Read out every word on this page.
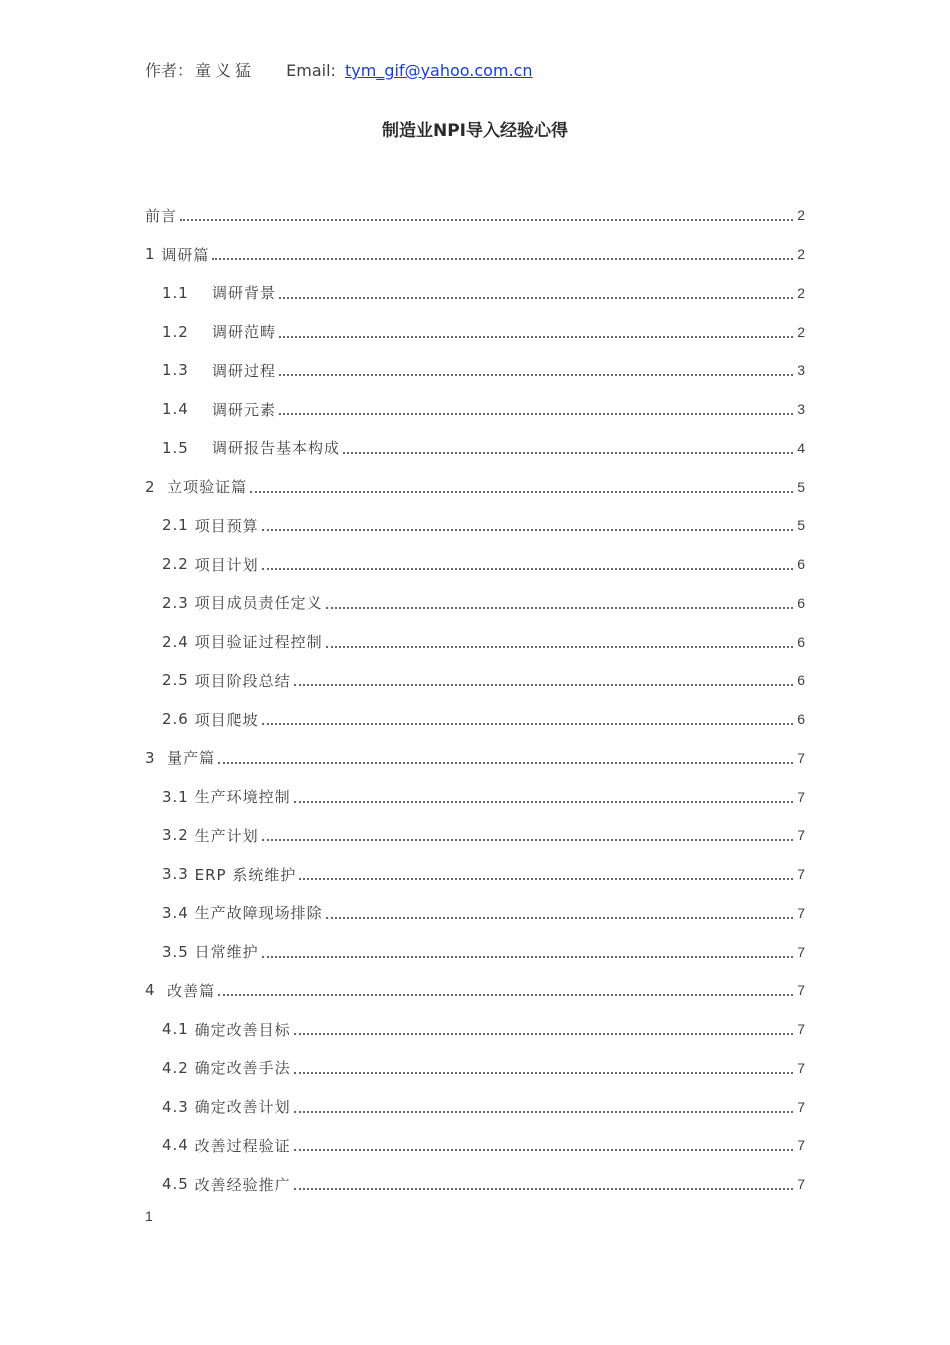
作者： 童义猛 Email: tym_gif@yahoo.com.cn
制造业NPI导入经验心得
前言	2
1 调研篇	2
1.1 调研背景	2
1.2 调研范畴	2
1.3 调研过程	3
1.4 调研元素	3
1.5 调研报告基本构成	4
2 立项验证篇	5
2.1 项目预算	5
2.2 项目计划	6
2.3 项目成员责任定义	6
2.4 项目验证过程控制	6
2.5 项目阶段总结	6
2.6 项目爬坡	6
3 量产篇	7
3.1 生产环境控制	7
3.2 生产计划	7
3.3 ERP 系统维护	7
3.4 生产故障现场排除	7
3.5 日常维护	7
4 改善篇	7
4.1 确定改善目标	7
4.2 确定改善手法	7
4.3 确定改善计划	7
4.4 改善过程验证	7
4.5 改善经验推广	7
1
